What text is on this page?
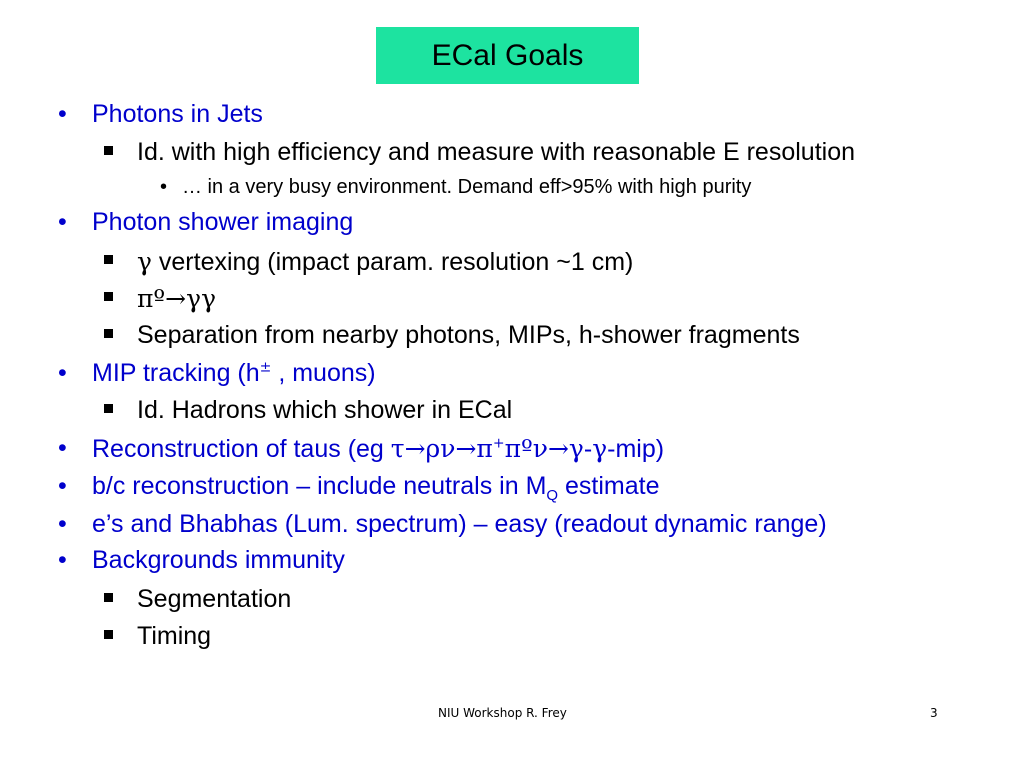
ECal Goals
• Photons in Jets
Id. with high efficiency and measure with reasonable E resolution
• … in a very busy environment. Demand eff>95% with high purity
• Photon shower imaging
γ vertexing (impact param. resolution ~1 cm)
πº→γγ
Separation from nearby photons, MIPs, h-shower fragments
• MIP tracking (h± , muons)
Id. Hadrons which shower in ECal
• Reconstruction of taus (eg τ→ρν→π+πºν→γ-γ-mip)
• b/c reconstruction – include neutrals in $M_Q$ estimate
• e’s and Bhabhas (Lum. spectrum) – easy (readout dynamic range)
• Backgrounds immunity
Segmentation
Timing
NIU Workshop R. Frey	3
